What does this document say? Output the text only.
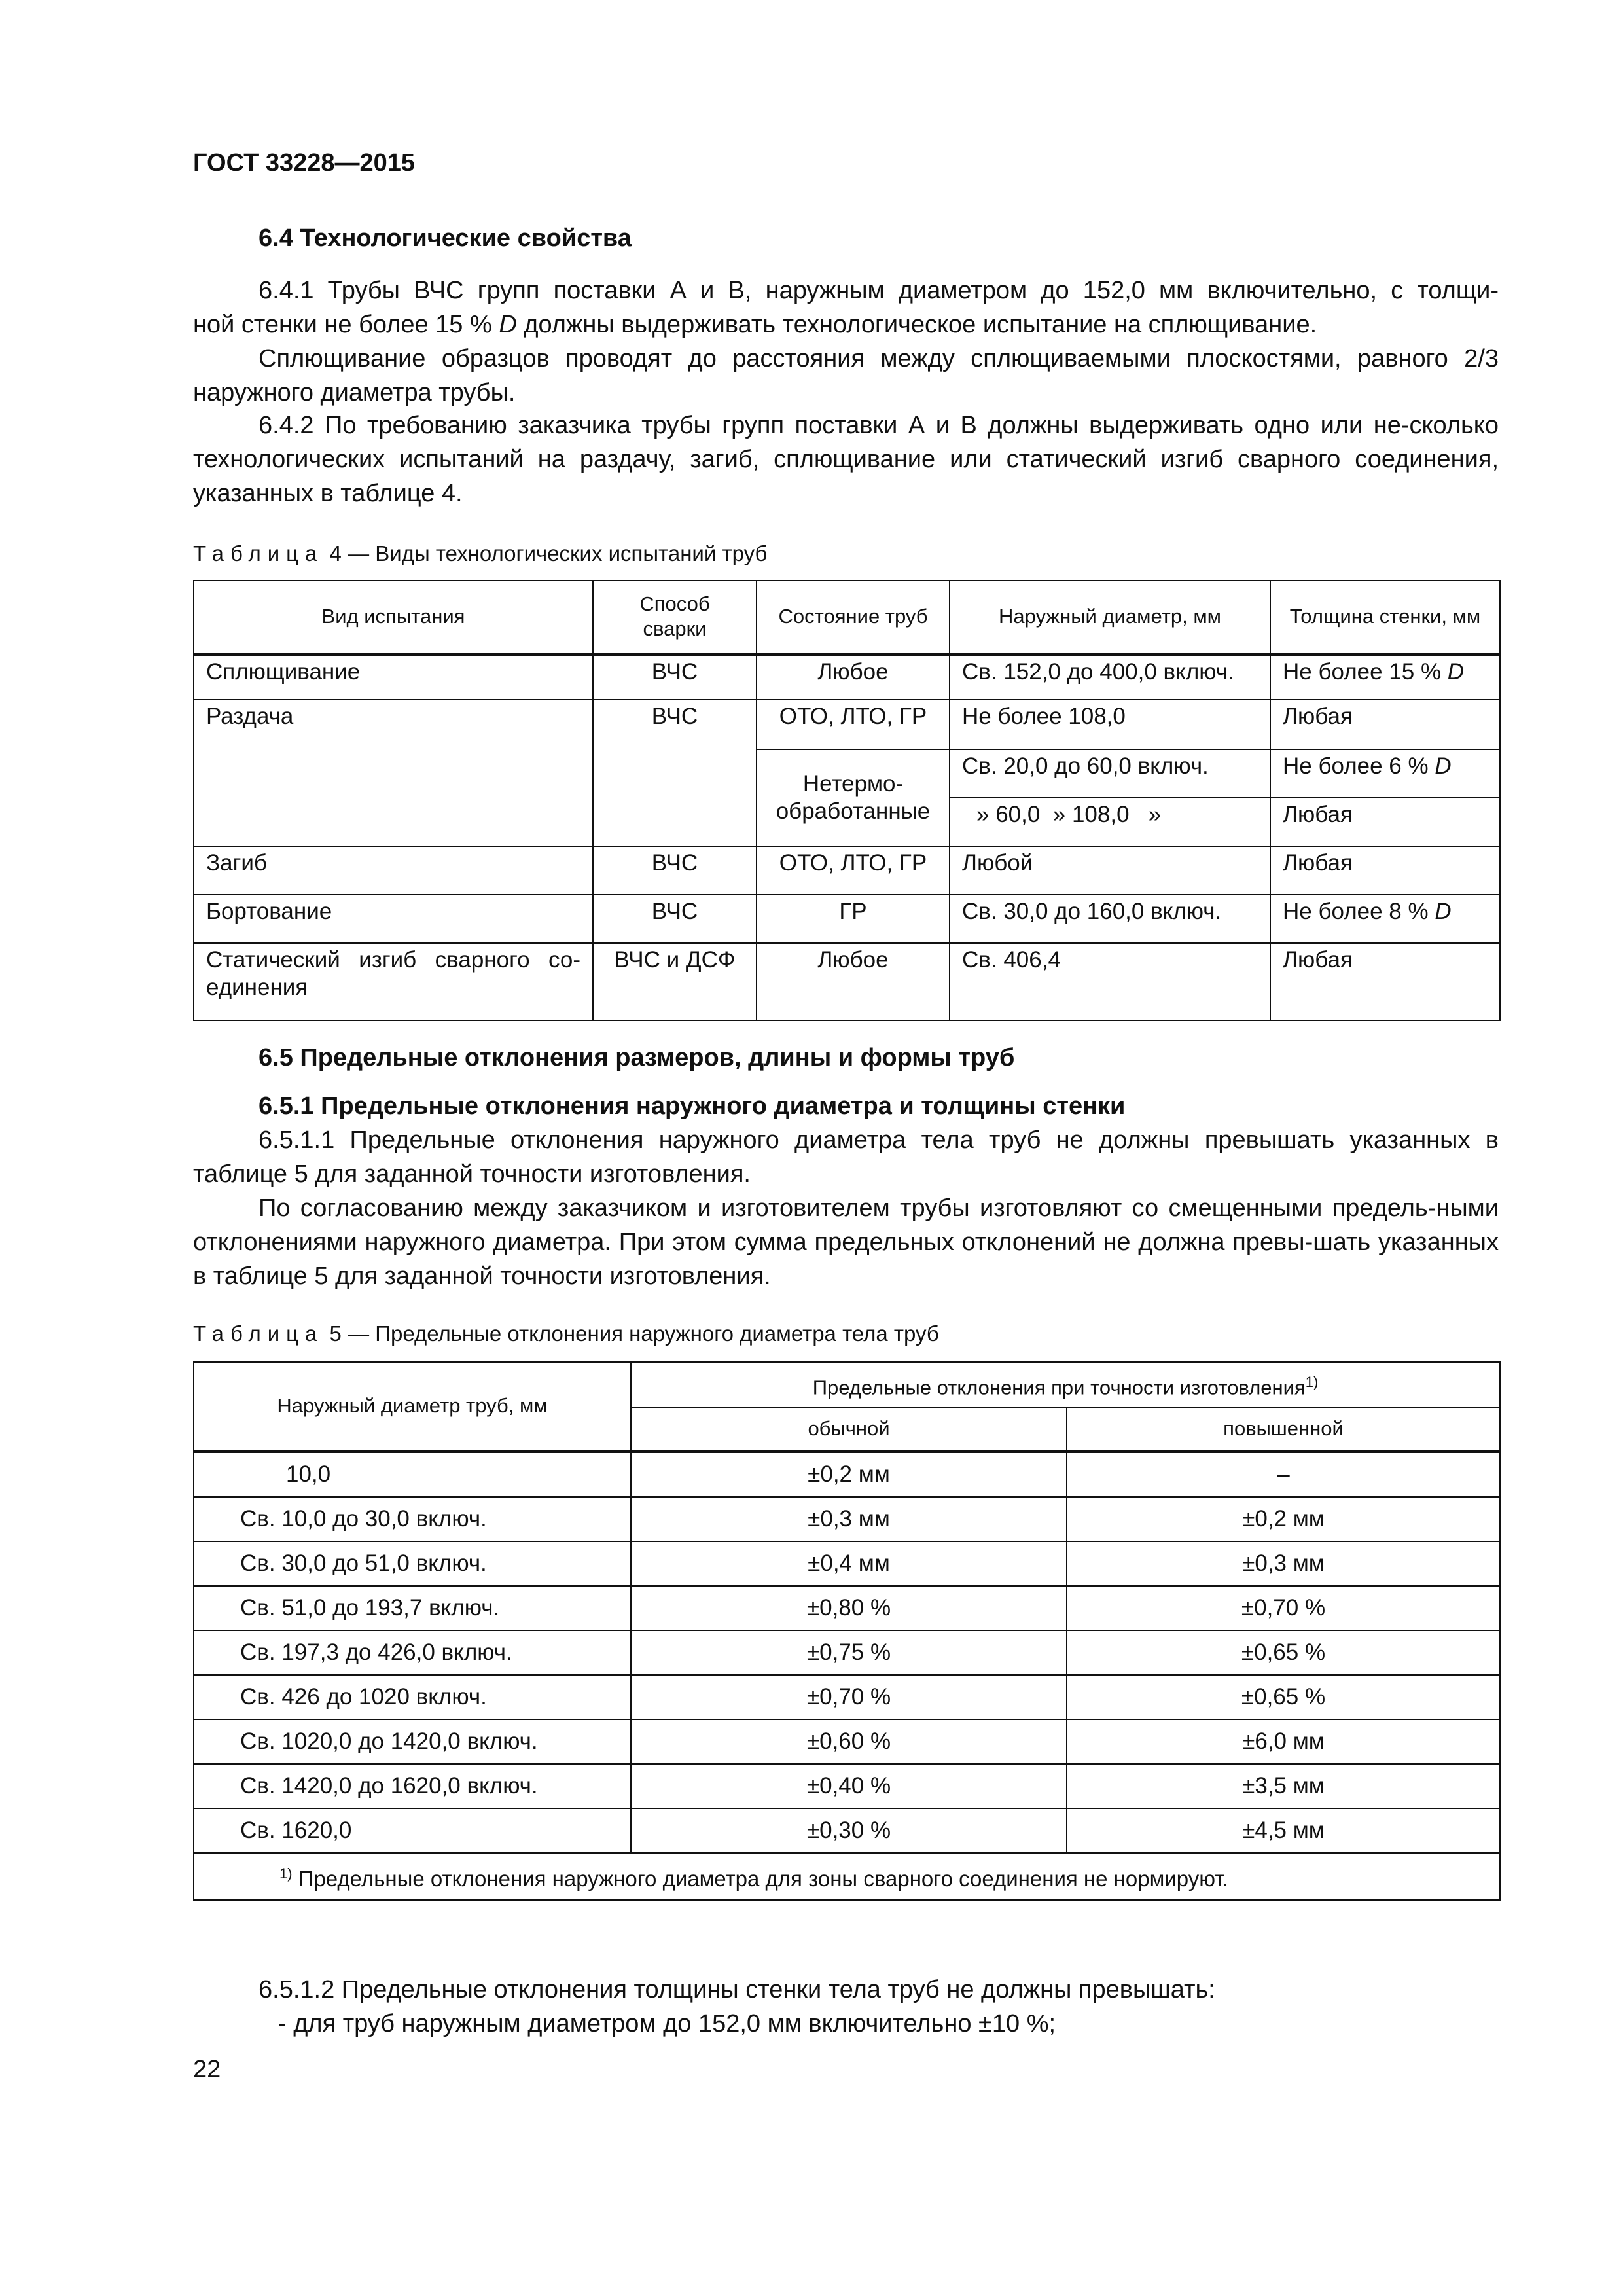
ГОСТ 33228—2015
6.4 Технологические свойства
6.4.1 Трубы ВЧС групп поставки А и В, наружным диаметром до 152,0 мм включительно, с толщи-
ной стенки не более 15 % D должны выдерживать технологическое испытание на сплющивание.
Сплющивание образцов проводят до расстояния между сплющиваемыми плоскостями, равного 2/3 наружного диаметра трубы.
6.4.2 По требованию заказчика трубы групп поставки А и В должны выдерживать одно или не-сколько технологических испытаний на раздачу, загиб, сплющивание или статический изгиб сварного соединения, указанных в таблице 4.
Таблица 4 — Виды технологических испытаний труб
Вид испытания	Способ сварки	Состояние труб	Наружный диаметр, мм	Толщина стенки, мм
Сплющивание	ВЧС	Любое	Св. 152,0 до 400,0 включ.	Не более 15 % D
Раздача	ВЧС	ОТО, ЛТО, ГР	Не более 108,0	Любая
		Нетермо-обработанные	Св. 20,0 до 60,0 включ.	Не более 6 % D
			» 60,0  » 108,0   »	Любая
Загиб	ВЧС	ОТО, ЛТО, ГР	Любой	Любая
Бортование	ВЧС	ГР	Св. 30,0 до 160,0 включ.	Не более 8 % D
Статический изгиб сварного со-единения	ВЧС и ДСФ	Любое	Св. 406,4	Любая
6.5 Предельные отклонения размеров, длины и формы труб
6.5.1 Предельные отклонения наружного диаметра и толщины стенки
6.5.1.1 Предельные отклонения наружного диаметра тела труб не должны превышать указанных в таблице 5 для заданной точности изготовления.
По согласованию между заказчиком и изготовителем трубы изготовляют со смещенными предель-ными отклонениями наружного диаметра. При этом сумма предельных отклонений не должна превы-шать указанных в таблице 5 для заданной точности изготовления.
Таблица 5 — Предельные отклонения наружного диаметра тела труб
Наружный диаметр труб, мм	Предельные отклонения при точности изготовления$^{1)}$
	обычной	повышенной
10,0	±0,2 мм	–
Св. 10,0 до 30,0 включ.	±0,3 мм	±0,2 мм
Св. 30,0 до 51,0 включ.	±0,4 мм	±0,3 мм
Св. 51,0 до 193,7 включ.	±0,80 %	±0,70 %
Св. 197,3 до 426,0 включ.	±0,75 %	±0,65 %
Св. 426 до 1020 включ.	±0,70 %	±0,65 %
Св. 1020,0 до 1420,0 включ.	±0,60 %	±6,0 мм
Св. 1420,0 до 1620,0 включ.	±0,40 %	±3,5 мм
Св. 1620,0	±0,30 %	±4,5 мм
$^{1)}$ Предельные отклонения наружного диаметра для зоны сварного соединения не нормируют.		
6.5.1.2 Предельные отклонения толщины стенки тела труб не должны превышать:
- для труб наружным диаметром до 152,0 мм включительно ±10 %;
22
